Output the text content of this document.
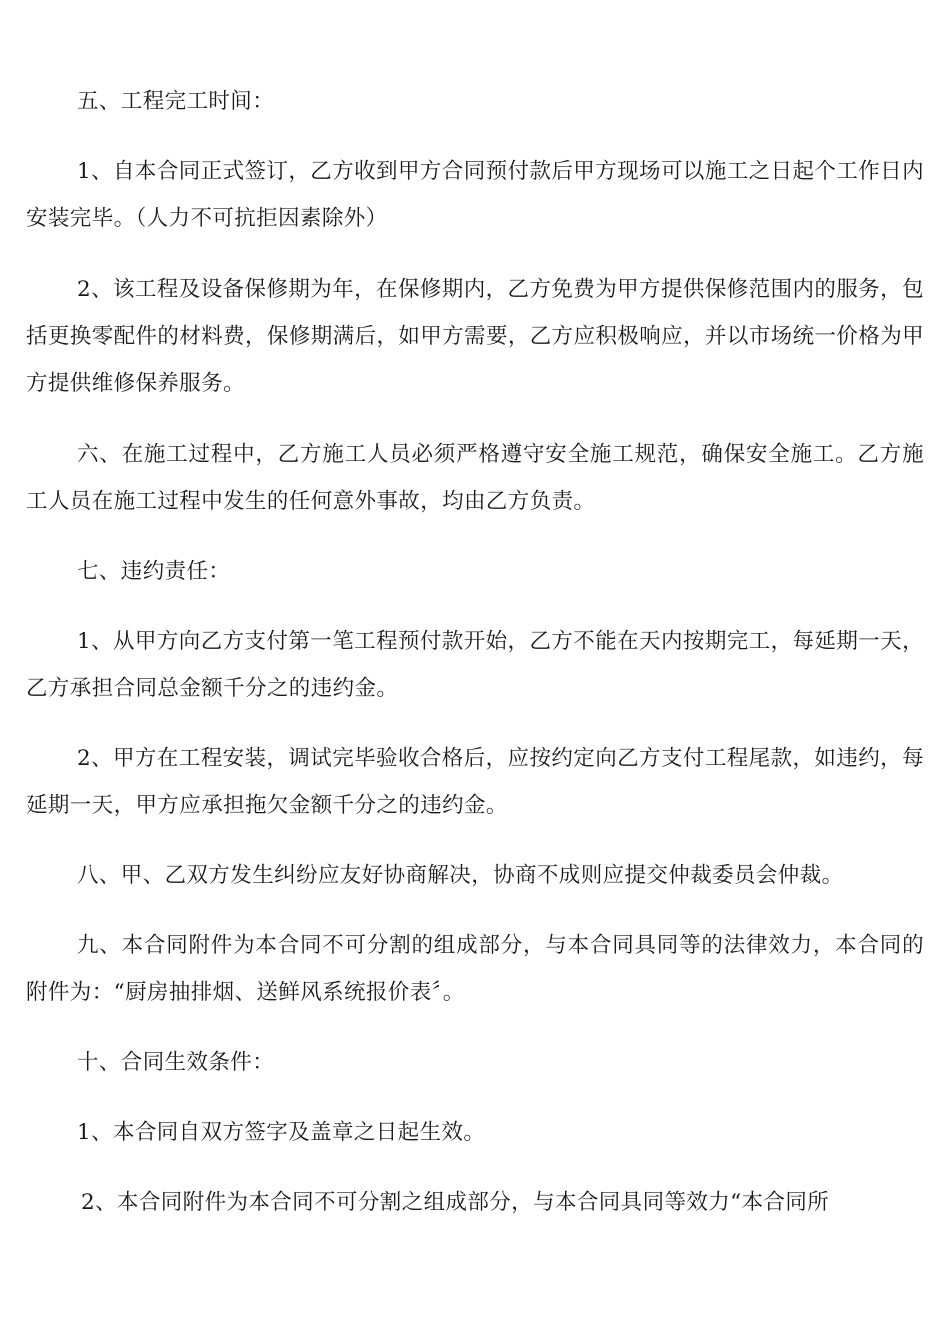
五、工程完工时间：

1、自本合同正式签订，乙方收到甲方合同预付款后甲方现场可以施工之日起个工作日内安装完毕。（人力不可抗拒因素除外）

2、该工程及设备保修期为年，在保修期内，乙方免费为甲方提供保修范围内的服务，包括更换零配件的材料费，保修期满后，如甲方需要，乙方应积极响应，并以市场统一价格为甲方提供维修保养服务。

六、在施工过程中，乙方施工人员必须严格遵守安全施工规范，确保安全施工。乙方施工人员在施工过程中发生的任何意外事故，均由乙方负责。

七、违约责任：

1、从甲方向乙方支付第一笔工程预付款开始，乙方不能在天内按期完工，每延期一天，乙方承担合同总金额千分之的违约金。

2、甲方在工程安装，调试完毕验收合格后，应按约定向乙方支付工程尾款，如违约，每延期一天，甲方应承担拖欠金额千分之的违约金。

八、甲、乙双方发生纠纷应友好协商解决，协商不成则应提交仲裁委员会仲裁。

九、本合同附件为本合同不可分割的组成部分，与本合同具同等的法律效力，本合同的附件为：“厨房抽排烟、送鲜风系统报价表〞。

十、合同生效条件：

1、本合同自双方签字及盖章之日起生效。

2、本合同附件为本合同不可分割之组成部分，与本合同具同等效力“本合同所
